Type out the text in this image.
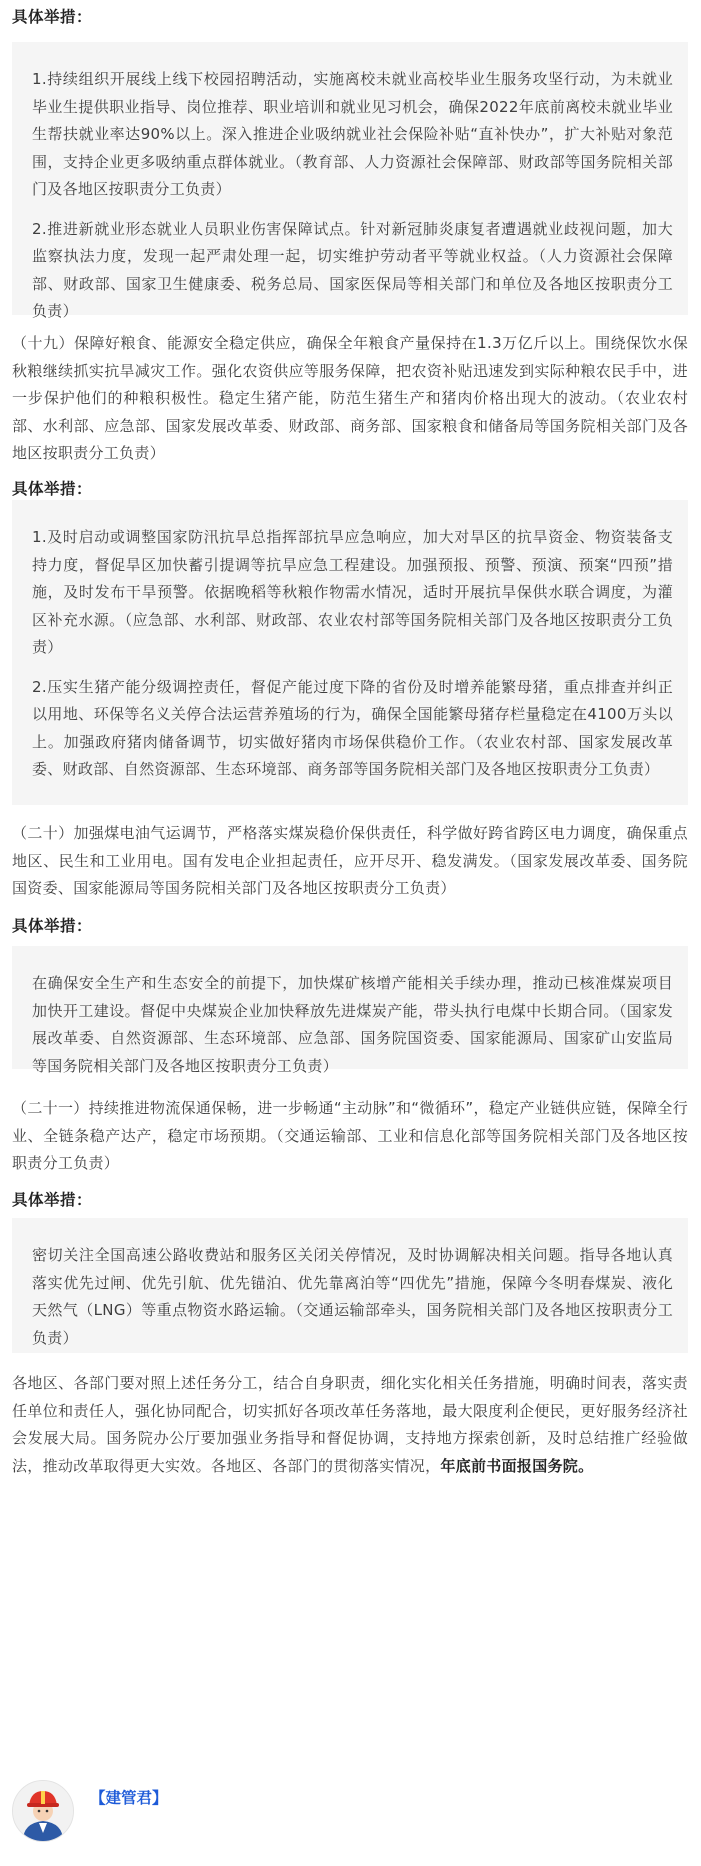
具体举措：

1.持续组织开展线上线下校园招聘活动，实施离校未就业高校毕业生服务攻坚行动，为未就业毕业生提供职业指导、岗位推荐、职业培训和就业见习机会，确保2022年底前离校未就业毕业生帮扶就业率达90%以上。深入推进企业吸纳就业社会保险补贴“直补快办”，扩大补贴对象范围，支持企业更多吸纳重点群体就业。（教育部、人力资源社会保障部、财政部等国务院相关部门及各地区按职责分工负责）

2.推进新就业形态就业人员职业伤害保障试点。针对新冠肺炎康复者遭遇就业歧视问题，加大监察执法力度，发现一起严肃处理一起，切实维护劳动者平等就业权益。（人力资源社会保障部、财政部、国家卫生健康委、税务总局、国家医保局等相关部门和单位及各地区按职责分工负责）

（十九）保障好粮食、能源安全稳定供应，确保全年粮食产量保持在1.3万亿斤以上。围绕保饮水保秋粮继续抓实抗旱减灾工作。强化农资供应等服务保障，把农资补贴迅速发到实际种粮农民手中，进一步保护他们的种粮积极性。稳定生猪产能，防范生猪生产和猪肉价格出现大的波动。（农业农村部、水利部、应急部、国家发展改革委、财政部、商务部、国家粮食和储备局等国务院相关部门及各地区按职责分工负责）
具体举措：

1.及时启动或调整国家防汛抗旱总指挥部抗旱应急响应，加大对旱区的抗旱资金、物资装备支持力度，督促旱区加快蓄引提调等抗旱应急工程建设。加强预报、预警、预演、预案“四预”措施，及时发布干旱预警。依据晚稻等秋粮作物需水情况，适时开展抗旱保供水联合调度，为灌区补充水源。（应急部、水利部、财政部、农业农村部等国务院相关部门及各地区按职责分工负责）

2.压实生猪产能分级调控责任，督促产能过度下降的省份及时增养能繁母猪，重点排查并纠正以用地、环保等名义关停合法运营养殖场的行为，确保全国能繁母猪存栏量稳定在4100万头以上。加强政府猪肉储备调节，切实做好猪肉市场保供稳价工作。（农业农村部、国家发展改革委、财政部、自然资源部、生态环境部、商务部等国务院相关部门及各地区按职责分工负责）

（二十）加强煤电油气运调节，严格落实煤炭稳价保供责任，科学做好跨省跨区电力调度，确保重点地区、民生和工业用电。国有发电企业担起责任，应开尽开、稳发满发。（国家发展改革委、国务院国资委、国家能源局等国务院相关部门及各地区按职责分工负责）
具体举措：

在确保安全生产和生态安全的前提下，加快煤矿核增产能相关手续办理，推动已核准煤炭项目加快开工建设。督促中央煤炭企业加快释放先进煤炭产能，带头执行电煤中长期合同。（国家发展改革委、自然资源部、生态环境部、应急部、国务院国资委、国家能源局、国家矿山安监局等国务院相关部门及各地区按职责分工负责）

（二十一）持续推进物流保通保畅，进一步畅通“主动脉”和“微循环”，稳定产业链供应链，保障全行业、全链条稳产达产，稳定市场预期。（交通运输部、工业和信息化部等国务院相关部门及各地区按职责分工负责）
具体举措：

密切关注全国高速公路收费站和服务区关闭关停情况，及时协调解决相关问题。指导各地认真落实优先过闸、优先引航、优先锚泊、优先靠离泊等“四优先”措施，保障今冬明春煤炭、液化天然气（LNG）等重点物资水路运输。（交通运输部牵头，国务院相关部门及各地区按职责分工负责）

各地区、各部门要对照上述任务分工，结合自身职责，细化实化相关任务措施，明确时间表，落实责任单位和责任人，强化协同配合，切实抓好各项改革任务落地，最大限度利企便民，更好服务经济社会发展大局。国务院办公厅要加强业务指导和督促协调，支持地方探索创新，及时总结推广经验做法，推动改革取得更大实效。各地区、各部门的贯彻落实情况，年底前书面报国务院。
【建管君】
